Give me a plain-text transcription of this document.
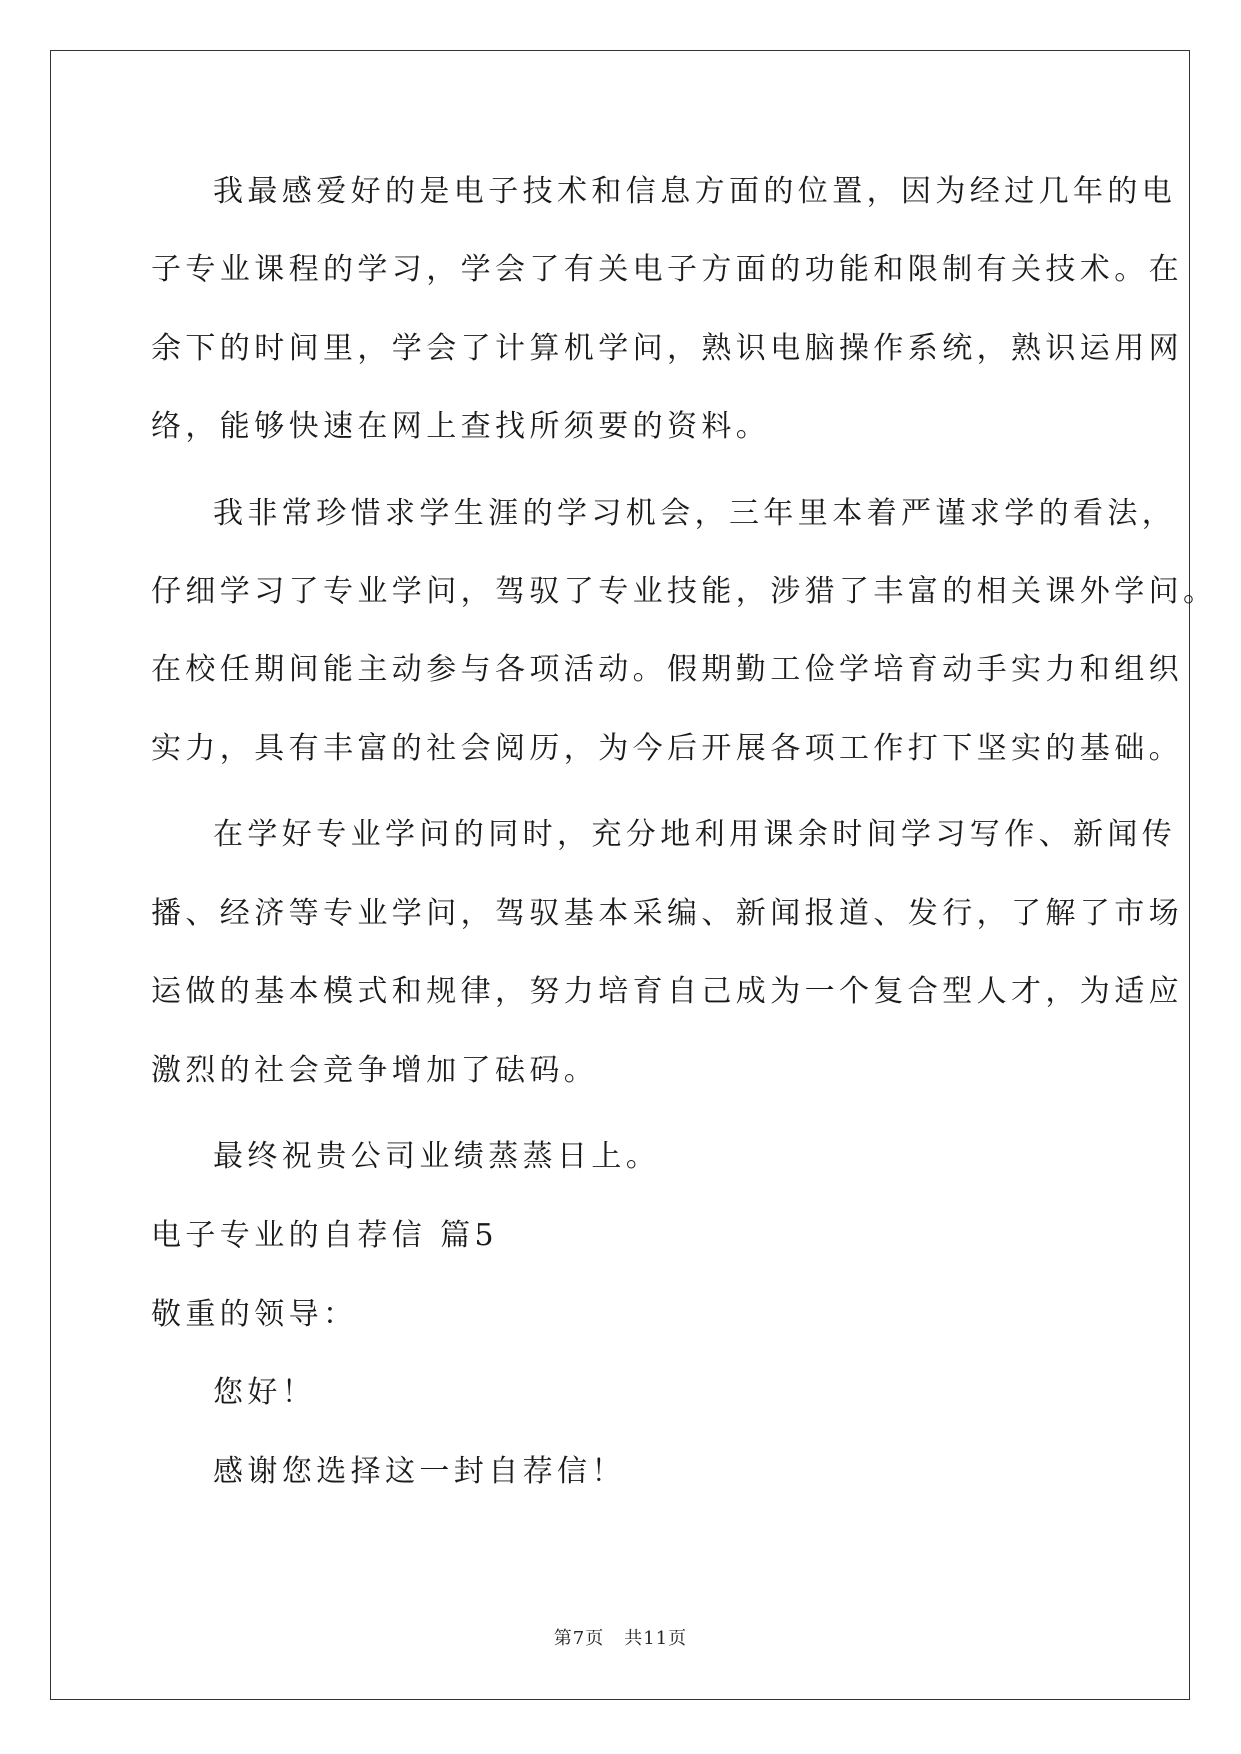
我最感爱好的是电子技术和信息方面的位置，因为经过几年的电
子专业课程的学习，学会了有关电子方面的功能和限制有关技术。在
余下的时间里，学会了计算机学问，熟识电脑操作系统，熟识运用网
络，能够快速在网上查找所须要的资料。
我非常珍惜求学生涯的学习机会，三年里本着严谨求学的看法，
仔细学习了专业学问，驾驭了专业技能，涉猎了丰富的相关课外学问。
在校任期间能主动参与各项活动。假期勤工俭学培育动手实力和组织
实力，具有丰富的社会阅历，为今后开展各项工作打下坚实的基础。
在学好专业学问的同时，充分地利用课余时间学习写作、新闻传
播、经济等专业学问，驾驭基本采编、新闻报道、发行，了解了市场
运做的基本模式和规律，努力培育自己成为一个复合型人才，为适应
激烈的社会竞争增加了砝码。
最终祝贵公司业绩蒸蒸日上。
电子专业的自荐信 篇5
敬重的领导：
您好！
感谢您选择这一封自荐信！
第7页 共11页
